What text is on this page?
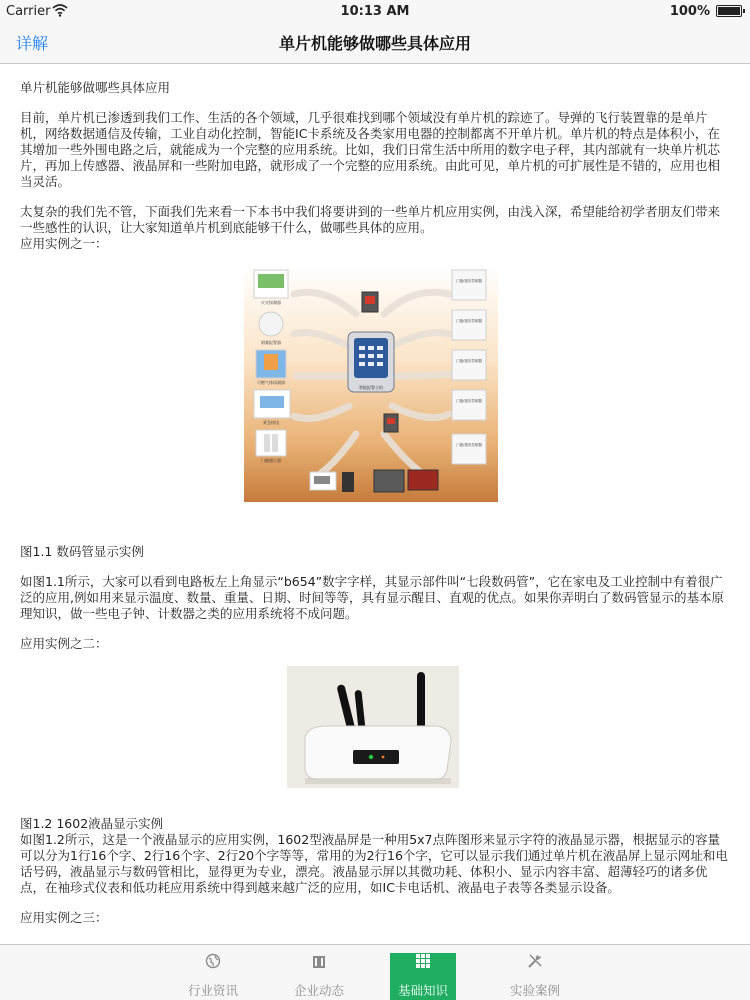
Carrier	10:13 AM	100%
详解	单片机能够做哪些具体应用

单片机能够做哪些具体应用

目前，单片机已渗透到我们工作、生活的各个领域，几乎很难找到哪个领域没有单片机的踪迹了。导弹的飞行装置靠的是单片机，网络数据通信及传输，工业自动化控制，智能IC卡系统及各类家用电器的控制都离不开单片机。单片机的特点是体积小，在其增加一些外围电路之后，就能成为一个完整的应用系统。比如，我们日常生活中所用的数字电子秤，其内部就有一块单片机芯片，再加上传感器、液晶屏和一些附加电路，就形成了一个完整的应用系统。由此可见，单片机的可扩展性是不错的，应用也相当灵活。

太复杂的我们先不管，下面我们先来看一下本书中我们将要讲到的一些单片机应用实例，由浅入深，希望能给初学者朋友们带来一些感性的认识，让大家知道单片机到底能够干什么，做哪些具体的应用。

应用实例之一：

火灾探测器
烟雾报警器
可燃气体探测器
紧急按钮
门磁感应器
门窗/窗帘控制器
门窗/窗帘控制器
门窗/窗帘控制器
门窗/窗帘控制器
门窗/窗帘控制器
智能报警主机

图1.1 数码管显示实例

如图1.1所示，大家可以看到电路板左上角显示“b654”数字字样，其显示部件叫“七段数码管”，它在家电及工业控制中有着很广泛的应用,例如用来显示温度、数量、重量、日期、时间等等，具有显示醒目、直观的优点。如果你弄明白了数码管显示的基本原理知识，做一些电子钟、计数器之类的应用系统将不成问题。

应用实例之二：

图1.2 1602液晶显示实例

如图1.2所示，这是一个液晶显示的应用实例，1602型液晶屏是一种用5x7点阵图形来显示字符的液晶显示器，根据显示的容量可以分为1行16个字、2行16个字、2行20个字等等，常用的为2行16个字，它可以显示我们通过单片机在液晶屏上显示网址和电话号码，液晶显示与数码管相比，显得更为专业，漂亮。液晶显示屏以其微功耗、体积小、显示内容丰富、超薄轻巧的诸多优点，在袖珍式仪表和低功耗应用系统中得到越来越广泛的应用，如IC卡电话机、液晶电子表等各类显示设备。

应用实例之三：

行业资讯	企业动态	基础知识	实验案例
